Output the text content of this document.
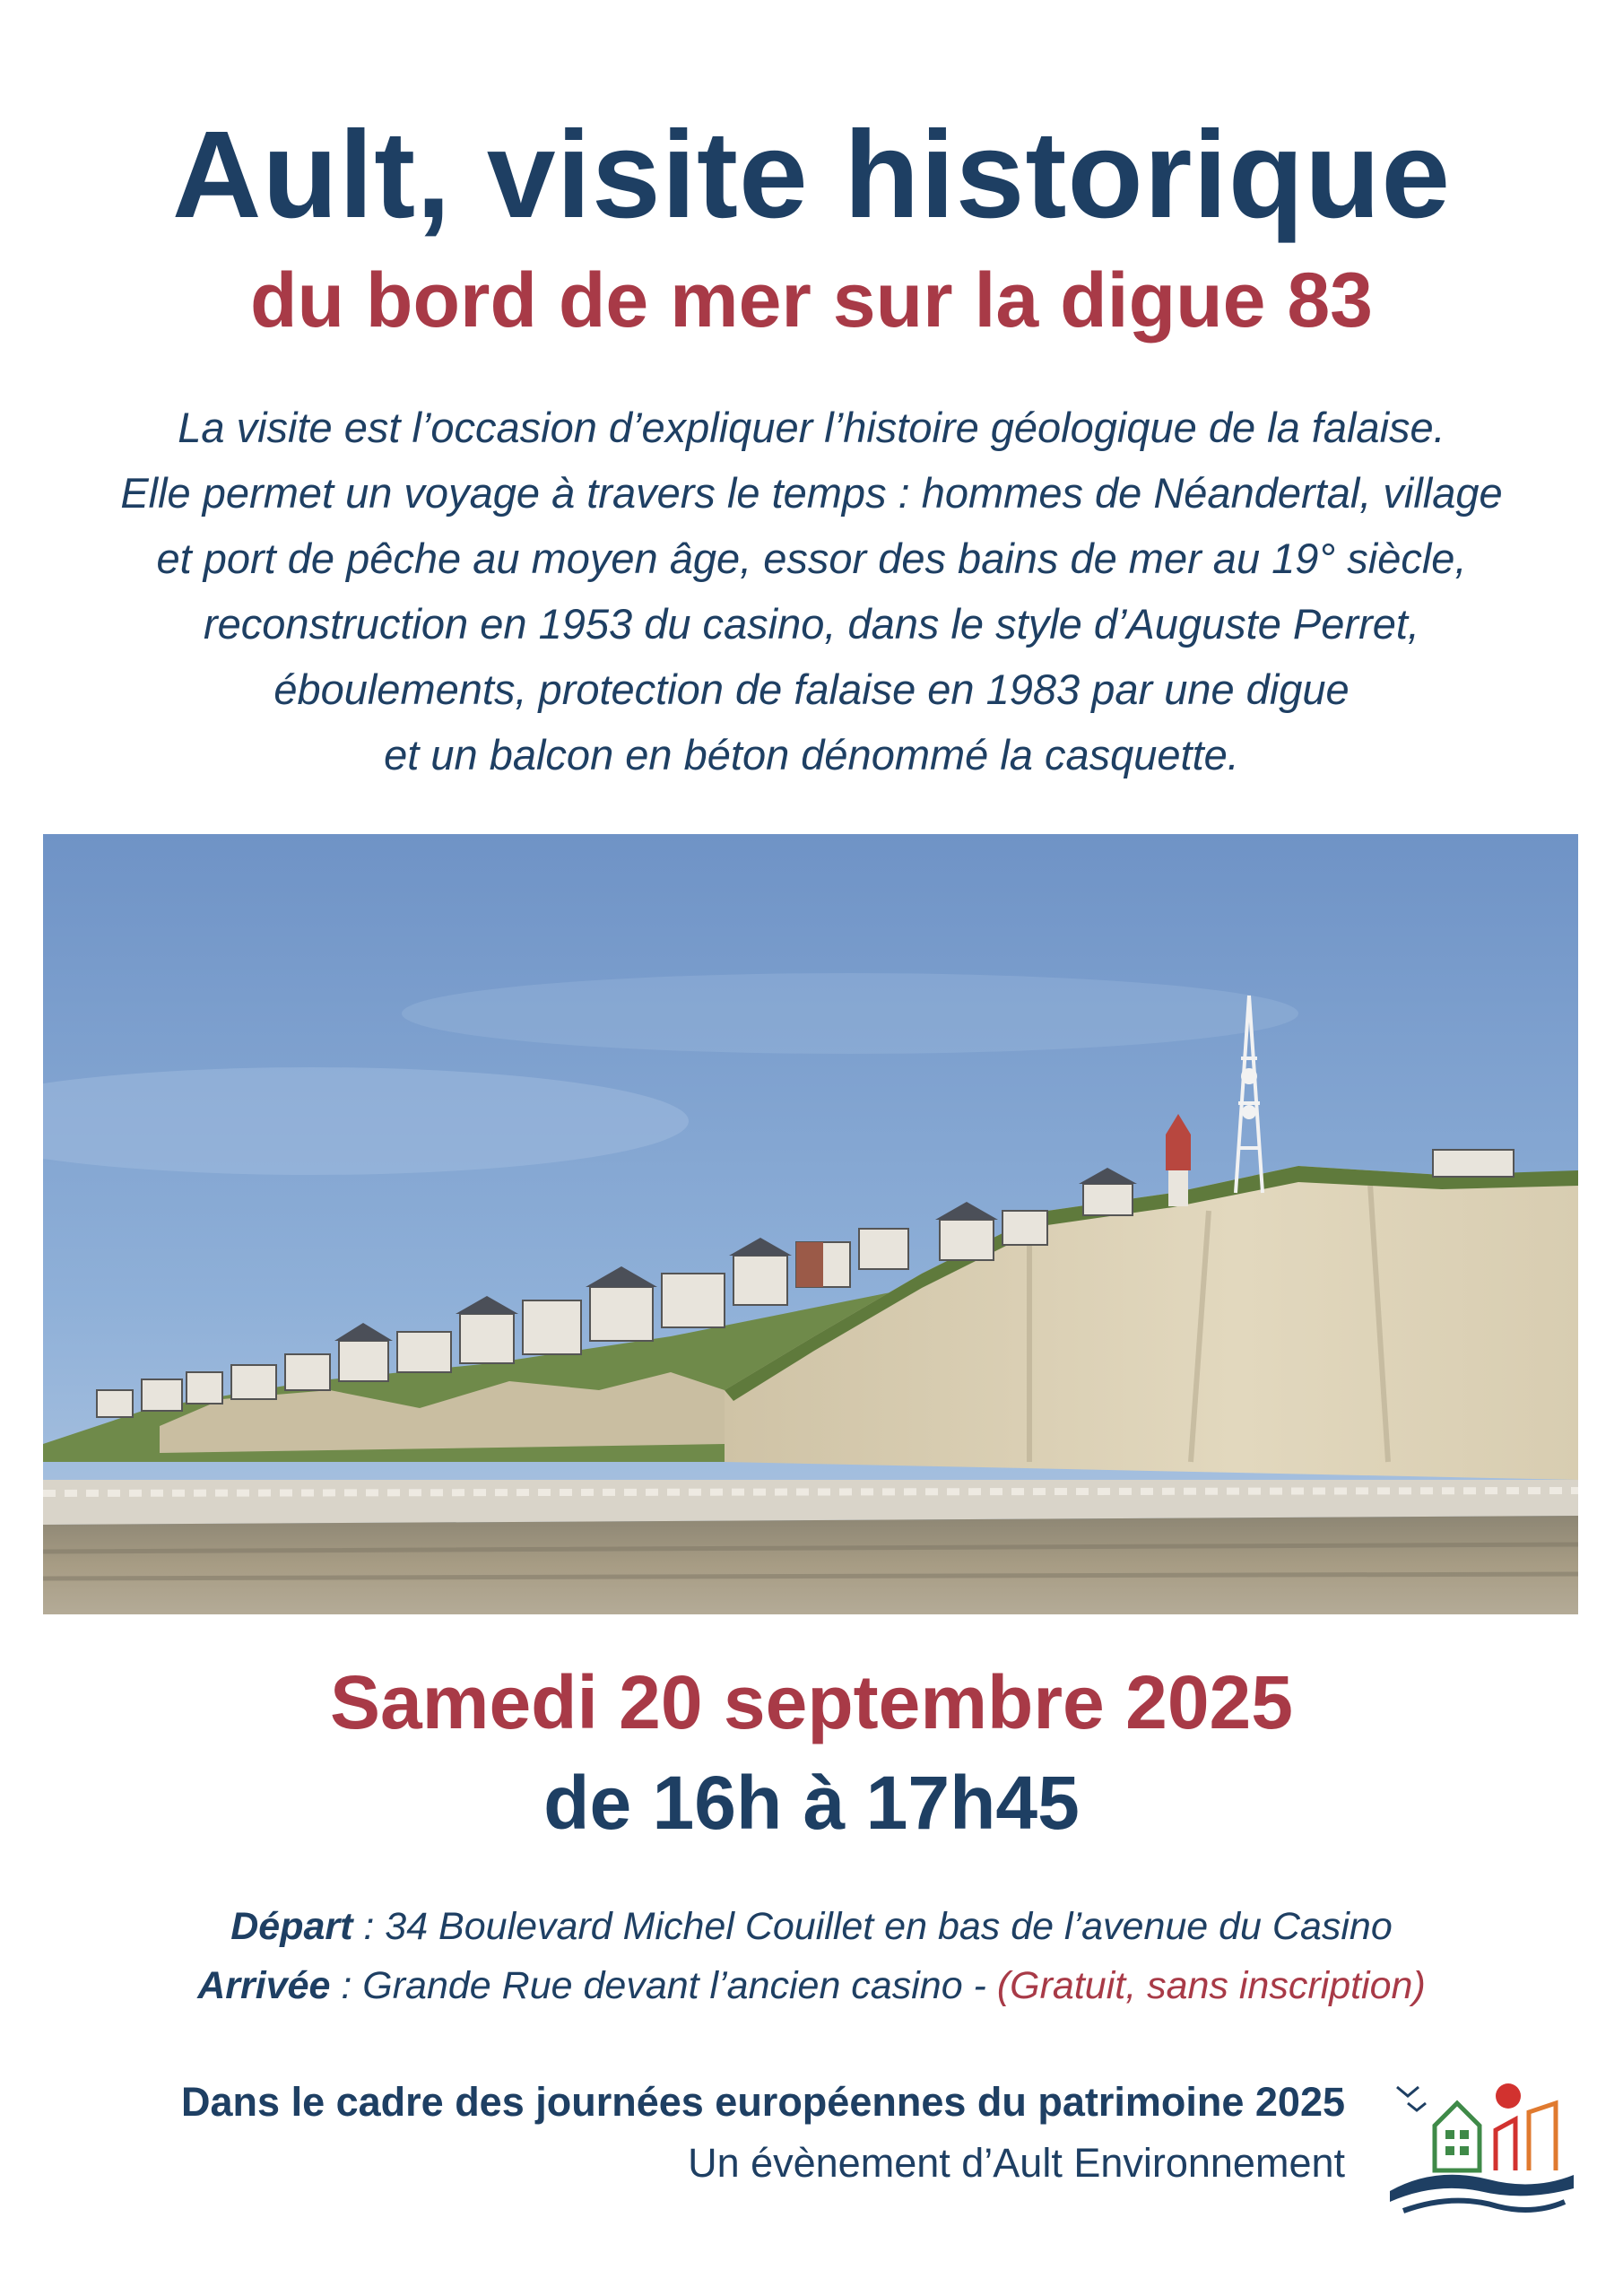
Ault, visite historique
du bord de mer sur la digue 83
La visite est l’occasion d’expliquer l’histoire géologique de la falaise.
Elle permet un voyage à travers le temps : hommes de Néandertal, village
et port de pêche au moyen âge, essor des bains de mer au 19° siècle,
reconstruction en 1953 du casino, dans le style d’Auguste Perret,
éboulements, protection de falaise en 1983 par une digue
et un balcon en béton dénommé la casquette.
Samedi 20 septembre 2025
de 16h à 17h45
Départ : 34 Boulevard Michel Couillet en bas de l’avenue du Casino
Arrivée : Grande Rue devant l’ancien casino - (Gratuit, sans inscription)
Dans le cadre des journées européennes du patrimoine 2025
Un évènement d’Ault Environnement
